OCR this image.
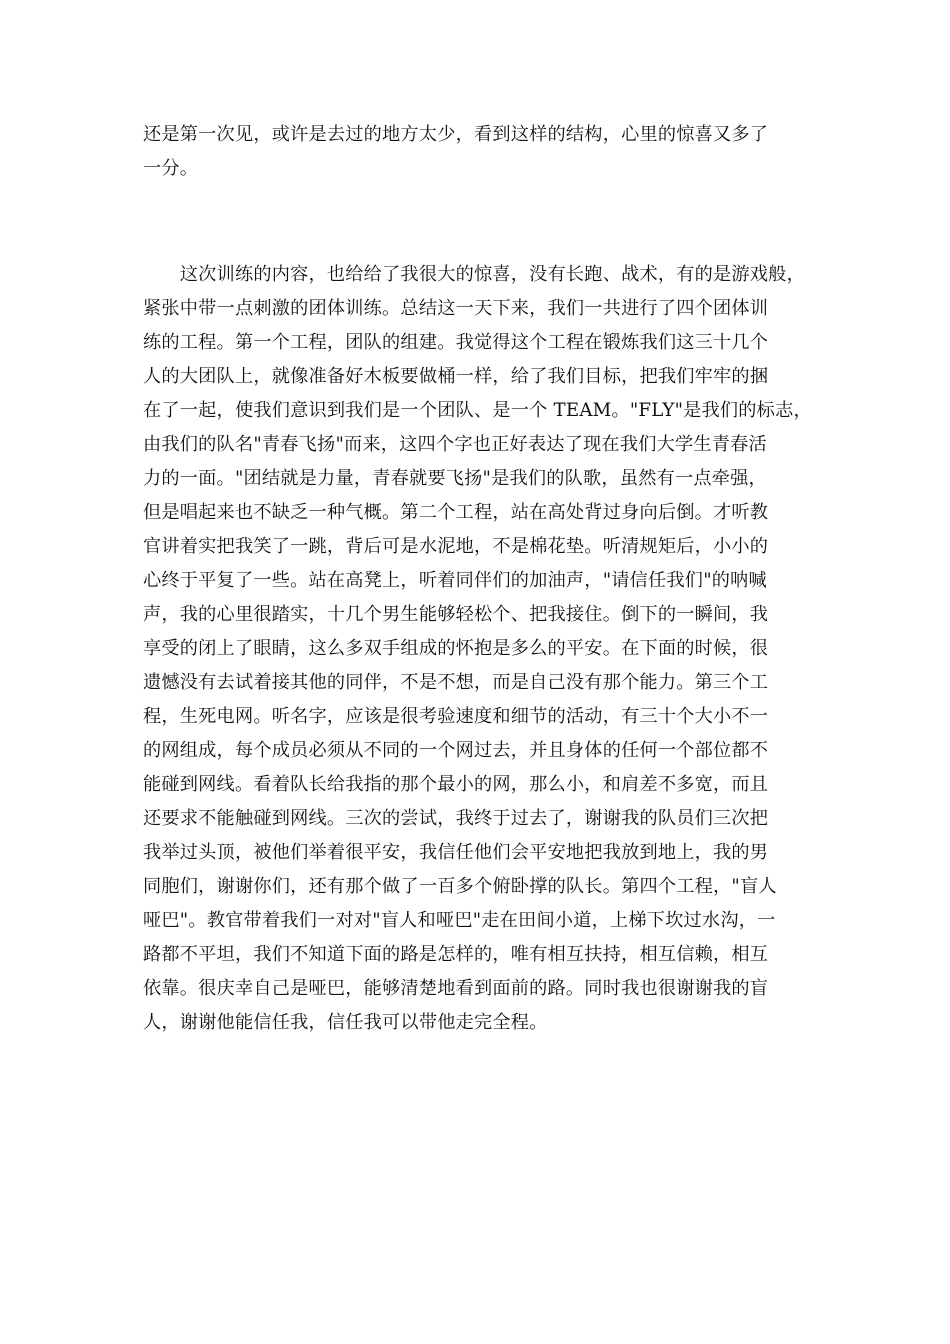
还是第一次见，或许是去过的地方太少，看到这样的结构，心里的惊喜又多了
一分。
　　这次训练的内容，也给给了我很大的惊喜，没有长跑、战术，有的是游戏般，
紧张中带一点刺激的团体训练。总结这一天下来，我们一共进行了四个团体训
练的工程。第一个工程，团队的组建。我觉得这个工程在锻炼我们这三十几个
人的大团队上，就像准备好木板要做桶一样，给了我们目标，把我们牢牢的捆
在了一起，使我们意识到我们是一个团队、是一个 TEAM。"FLY"是我们的标志，
由我们的队名"青春飞扬"而来，这四个字也正好表达了现在我们大学生青春活
力的一面。"团结就是力量，青春就要飞扬"是我们的队歌，虽然有一点牵强，
但是唱起来也不缺乏一种气概。第二个工程，站在高处背过身向后倒。才听教
官讲着实把我笑了一跳，背后可是水泥地，不是棉花垫。听清规矩后，小小的
心终于平复了一些。站在高凳上，听着同伴们的加油声，"请信任我们"的呐喊
声，我的心里很踏实，十几个男生能够轻松个、把我接住。倒下的一瞬间，我
享受的闭上了眼睛，这么多双手组成的怀抱是多么的平安。在下面的时候，很
遗憾没有去试着接其他的同伴，不是不想，而是自己没有那个能力。第三个工
程，生死电网。听名字，应该是很考验速度和细节的活动，有三十个大小不一
的网组成，每个成员必须从不同的一个网过去，并且身体的任何一个部位都不
能碰到网线。看着队长给我指的那个最小的网，那么小，和肩差不多宽，而且
还要求不能触碰到网线。三次的尝试，我终于过去了，谢谢我的队员们三次把
我举过头顶，被他们举着很平安，我信任他们会平安地把我放到地上，我的男
同胞们，谢谢你们，还有那个做了一百多个俯卧撑的队长。第四个工程，"盲人
哑巴"。教官带着我们一对对"盲人和哑巴"走在田间小道，上梯下坎过水沟，一
路都不平坦，我们不知道下面的路是怎样的，唯有相互扶持，相互信赖，相互
依靠。很庆幸自己是哑巴，能够清楚地看到面前的路。同时我也很谢谢我的盲
人，谢谢他能信任我，信任我可以带他走完全程。
